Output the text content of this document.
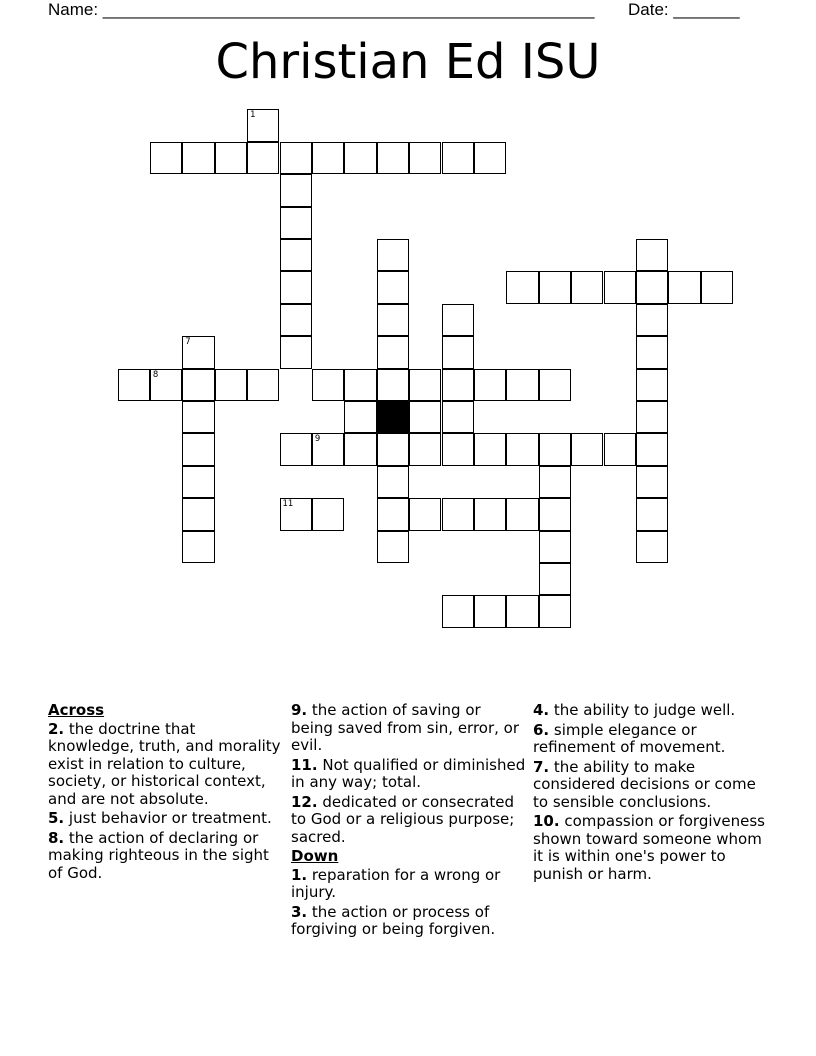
Name: ____________________________________________________ Date: _______
Christian Ed ISU
1
7
8
9
11
Across
2. the doctrine that knowledge, truth, and morality exist in relation to culture, society, or historical context, and are not absolute.
5. just behavior or treatment.
8. the action of declaring or making righteous in the sight of God.
9. the action of saving or being saved from sin, error, or evil.
11. Not qualified or diminished in any way; total.
12. dedicated or consecrated to God or a religious purpose; sacred.
Down
1. reparation for a wrong or injury.
3. the action or process of forgiving or being forgiven.
4. the ability to judge well.
6. simple elegance or refinement of movement.
7. the ability to make considered decisions or come to sensible conclusions.
10. compassion or forgiveness shown toward someone whom it is within one's power to punish or harm.
